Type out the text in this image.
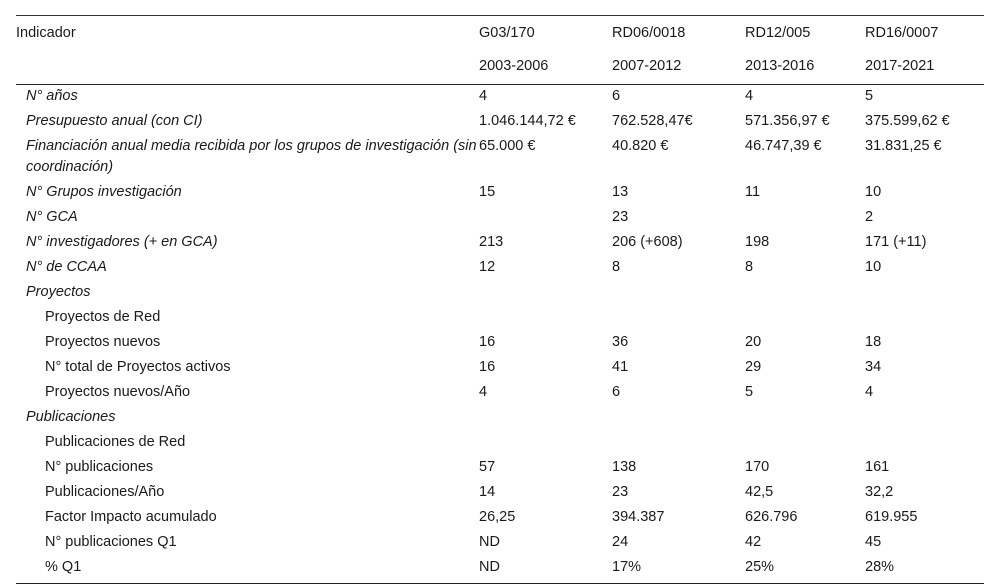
Indicador	G03/170	RD06/0018	RD12/005	RD16/0007
	2003-2006	2007-2012	2013-2016	2017-2021
N° años	4	6	4	5
Presupuesto anual (con CI)	1.046.144,72 €	762.528,47€	571.356,97 €	375.599,62 €
Financiación anual media recibida por los grupos de investigación (sin coordinación)	65.000 €	40.820 €	46.747,39 €	31.831,25 €
N° Grupos investigación	15	13	11	10
N° GCA		23		2
N° investigadores (+ en GCA)	213	206 (+608)	198	171 (+11)
N° de CCAA	12	8	8	10
Proyectos				
Proyectos de Red				
Proyectos nuevos	16	36	20	18
N° total de Proyectos activos	16	41	29	34
Proyectos nuevos/Año	4	6	5	4
Publicaciones				
Publicaciones de Red				
N° publicaciones	57	138	170	161
Publicaciones/Año	14	23	42,5	32,2
Factor Impacto acumulado	26,25	394.387	626.796	619.955
N° publicaciones Q1	ND	24	42	45
% Q1	ND	17%	25%	28%
